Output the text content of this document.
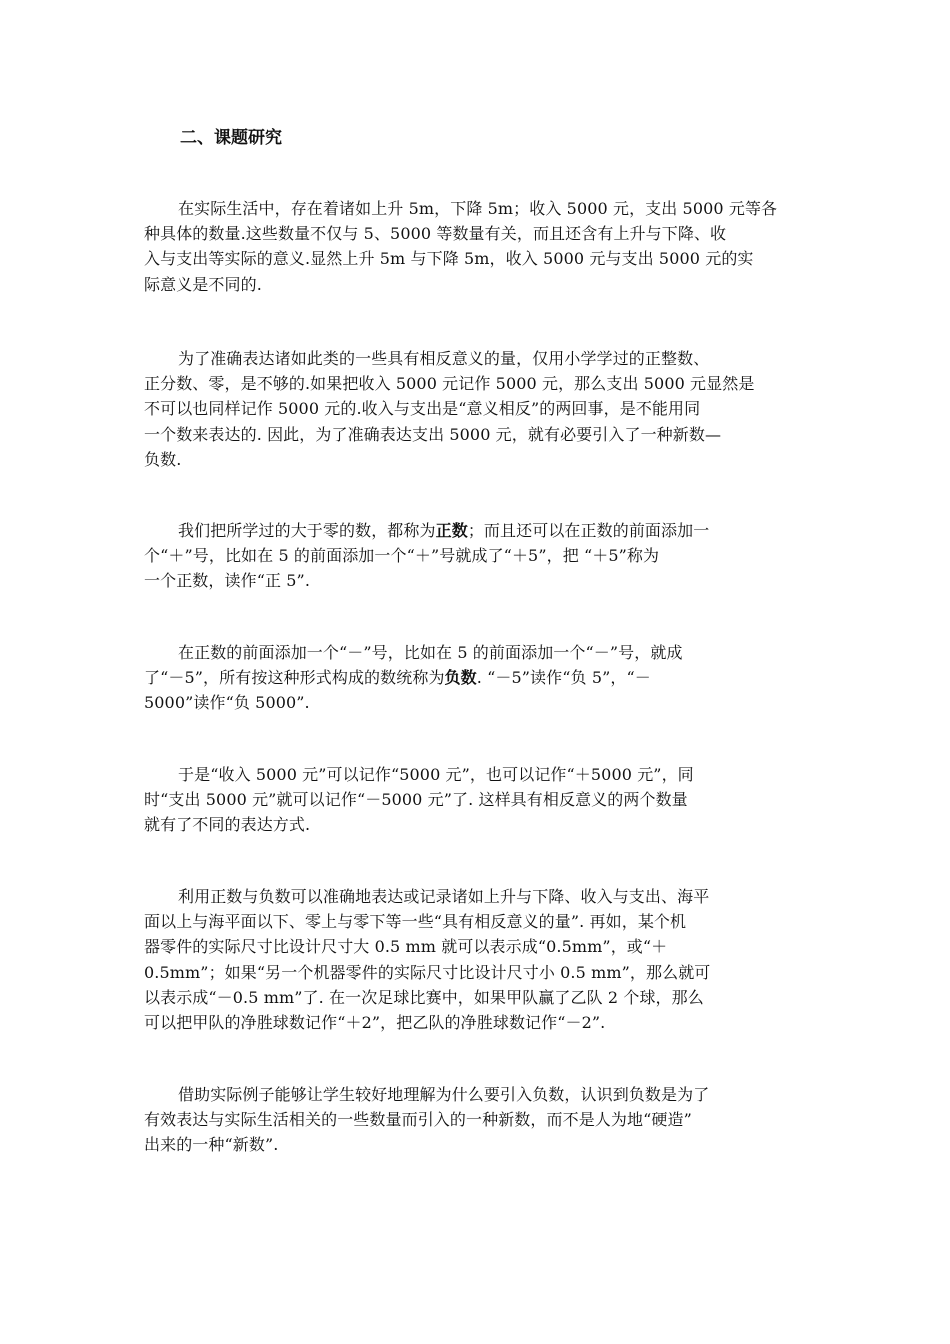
二、课题研究

在实际生活中，存在着诸如上升 5m，下降 5m；收入 5000 元，支出 5000 元等各
种具体的数量.这些数量不仅与 5、5000 等数量有关，而且还含有上升与下降、收
入与支出等实际的意义.显然上升 5m 与下降 5m，收入 5000 元与支出 5000 元的实
际意义是不同的.

为了准确表达诸如此类的一些具有相反意义的量，仅用小学学过的正整数、
正分数、零，是不够的.如果把收入 5000 元记作 5000 元，那么支出 5000 元显然是
不可以也同样记作 5000 元的.收入与支出是“意义相反”的两回事，是不能用同
一个数来表达的. 因此，为了准确表达支出 5000 元，就有必要引入了一种新数—
负数.

我们把所学过的大于零的数，都称为正数；而且还可以在正数的前面添加一
个“＋”号，比如在 5 的前面添加一个“＋”号就成了“＋5”，把 “＋5”称为
一个正数，读作“正 5”.

在正数的前面添加一个“－”号，比如在 5 的前面添加一个“－”号，就成
了“－5”，所有按这种形式构成的数统称为负数. “－5”读作“负 5”，“－
5000”读作“负 5000”.

于是“收入 5000 元”可以记作“5000 元”，也可以记作“＋5000 元”，同
时“支出 5000 元”就可以记作“－5000 元”了. 这样具有相反意义的两个数量
就有了不同的表达方式.

利用正数与负数可以准确地表达或记录诸如上升与下降、收入与支出、海平
面以上与海平面以下、零上与零下等一些“具有相反意义的量”. 再如，某个机
器零件的实际尺寸比设计尺寸大 0.5 mm 就可以表示成“0.5mm”，或“＋
0.5mm”；如果“另一个机器零件的实际尺寸比设计尺寸小 0.5 mm”，那么就可
以表示成“－0.5 mm”了. 在一次足球比赛中，如果甲队赢了乙队 2 个球，那么
可以把甲队的净胜球数记作“＋2”，把乙队的净胜球数记作“－2”.

借助实际例子能够让学生较好地理解为什么要引入负数，认识到负数是为了
有效表达与实际生活相关的一些数量而引入的一种新数，而不是人为地“硬造”
出来的一种“新数”.
